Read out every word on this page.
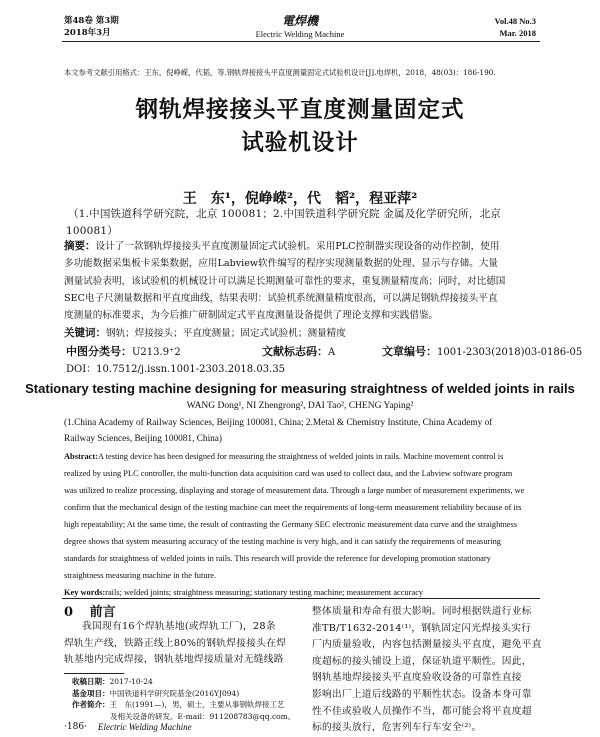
第48卷 第3期
2018年3月
電焊機
Electric Welding Machine
Vol.48 No.3
Mar. 2018
本文参考文献引用格式：王东，倪峥嵘，代韬，等.钢轨焊接接头平直度测量固定式试验机设计[J].电焊机，2018，48(03)：186-190.
钢轨焊接接头平直度测量固定式
试验机设计
王　东¹，倪峥嵘²，代　韬²，程亚萍²
（1.中国铁道科学研究院，北京 100081；2.中国铁道科学研究院 金属及化学研究所，北京
100081）
摘要：设计了一款钢轨焊接接头平直度测量固定式试验机。采用PLC控制器实现设备的动作控制，使用
多功能数据采集板卡采集数据，应用Labview软件编写的程序实现测量数据的处理、显示与存储。大量
测量试验表明，该试验机的机械设计可以满足长期测量可靠性的要求，重复测量精度高；同时，对比德国
SEC电子尺测量数据和平直度曲线，结果表明：试验机系统测量精度很高，可以满足钢轨焊接接头平直
度测量的标准要求，为今后推广研制固定式平直度测量设备提供了理论支撑和实践借鉴。
关键词：钢轨；焊接接头；平直度测量；固定式试验机；测量精度
中图分类号：U213.9⁺2	文献标志码：A	文章编号：1001-2303(2018)03-0186-05
DOI：10.7512/j.issn.1001-2303.2018.03.35
Stationary testing machine designing for measuring straightness of welded joints in rails
WANG Dong¹, NI Zhengrong², DAI Tao², CHENG Yaping²
(1.China Academy of Railway Sciences, Beijing 100081, China; 2.Metal & Chemistry Institute, China Academy of
Railway Sciences, Beijing 100081, China)
Abstract:A testing device has been designed for measuring the straightness of welded joints in rails. Machine movement control is
realized by using PLC controller, the multi-function data acquisition card was used to collect data, and the Labview software program
was utilized to realize processing, displaying and storage of measurement data. Through a large number of measurement experiments, we
confirm that the mechanical design of the testing machine can meet the requirements of long-term measurement reliability because of its
high repeatability; At the same time, the result of contrasting the Germany SEC electronic measurement data curve and the straightness
degree shows that system measuring accuracy of the testing machine is very high, and it can satisfy the requirements of measuring
standards for straightness of welded joints in rails. This research will provide the reference for developing promotion stationary
straightness measuring machine in the future.
Key words:rails; welded joints; straightness measuring; stationary testing machine; measurement accuracy
0 前言
我国现有16个焊轨基地(或焊轨工厂)，28条
焊轨生产线，铁路正线上80%的钢轨焊接接头在焊
轨基地内完成焊接，钢轨基地焊接质量对无缝线路
收稿日期：2017-10-24
基金项目：中国铁道科学研究院基金(2016YJ094)
作者简介：王　东(1991—)，男，硕士，主要从事钢轨焊接工艺
及相关设备的研发。E-mail：911208783@qq.com。
整体质量和寿命有很大影响。同时根据铁道行业标
准TB/T1632-2014⁽¹⁾，钢轨固定闪光焊接头实行
厂内质量验收，内容包括测量接头平直度，避免平直
度超标的接头铺设上道，保证轨道平顺性。因此，
钢轨基地焊接接头平直度验收设备的可靠性直接
影响出厂上道后线路的平顺性状态。设备本身可靠
性不佳或验收人员操作不当，都可能会将平直度超
标的接头放行，危害列车行车安全⁽²⁾。
·186· Electric Welding Machine
